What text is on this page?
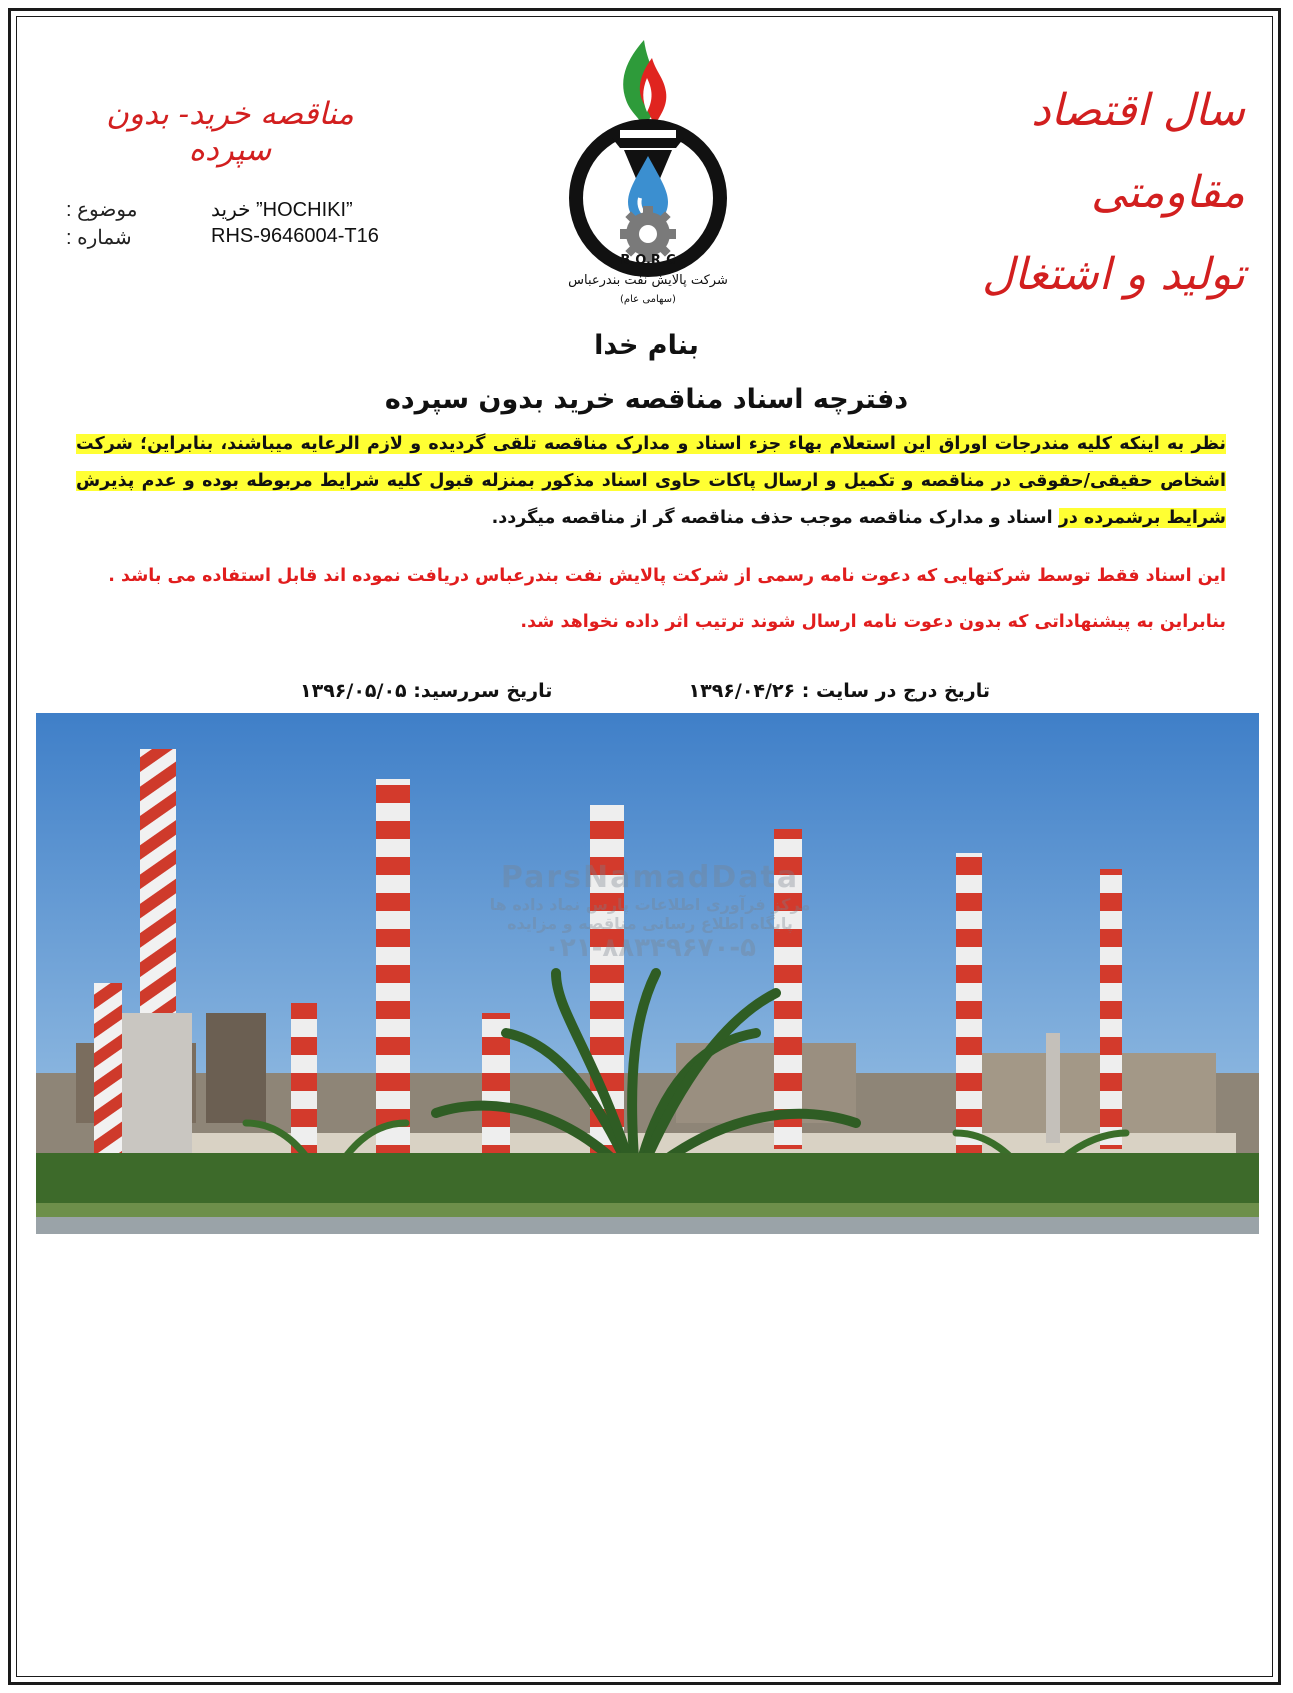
سال اقتصاد مقاومتی
تولید و اشتغال
مناقصه خرید- بدون سپرده
موضوع :	خرید ”HOCHIKI”
شماره :	RHS-9646004-T16
B.O.R.C
شرکت پالایش نفت بندرعباس
(سهامی عام)
بنام خدا
دفترچه اسناد مناقصه خرید بدون سپرده
نظر به اینکه کلیه مندرجات اوراق این استعلام بهاء جزء اسناد و مدارک مناقصه تلقی گردیده و لازم الرعایه میباشند، بنابراین؛ شرکت اشخاص حقیقی/حقوقی در مناقصه و تکمیل و ارسال پاکات حاوی اسناد مذکور بمنزله قبول کلیه شرایط مربوطه بوده و عدم پذیرش شرایط برشمرده در اسناد و مدارک مناقصه موجب حذف مناقصه گر از مناقصه میگردد.
این اسناد فقط توسط شرکتهایی که دعوت نامه رسمی از شرکت پالایش نفت بندرعباس دریافت نموده اند قابل استفاده می باشد .
بنابراین به پیشنهاداتی که بدون دعوت نامه ارسال شوند ترتیب اثر داده نخواهد شد.
تاریخ درج در سایت : ۱۳۹۶/۰۴/۲۶
تاریخ سررسید: ۱۳۹۶/۰۵/۰۵
ParsNamadData
مرکز فرآوری اطلاعات پارس نماد داده ها
پایگاه اطلاع رسانی مناقصه و مزایده
۰۲۱-۸۸۳۴۹۶۷۰-۵
